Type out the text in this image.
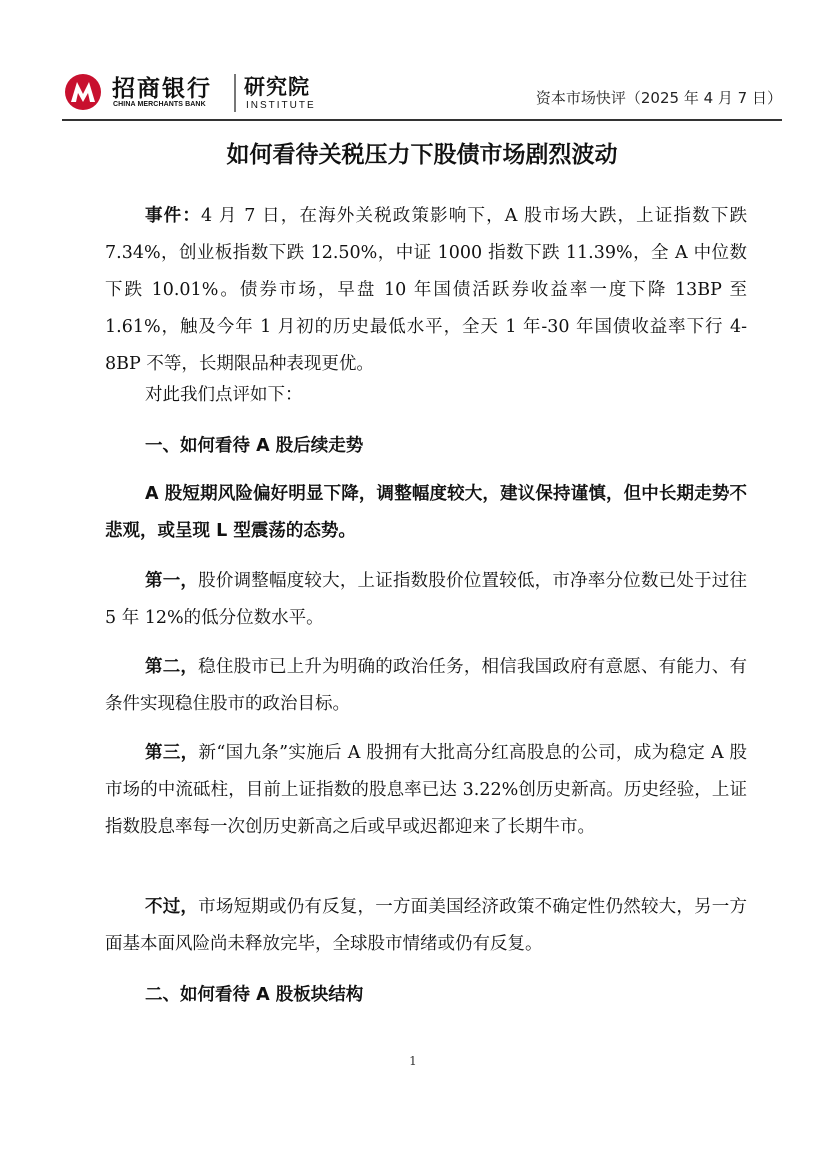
招商银行
CHINA MERCHANTS BANK
研究院
INSTITUTE	资本市场快评（2025 年 4 月 7 日）
如何看待关税压力下股债市场剧烈波动

事件：4 月 7 日，在海外关税政策影响下，A 股市场大跌，上证指数下跌 7.34%，创业板指数下跌 12.50%，中证 1000 指数下跌 11.39%，全 A 中位数下跌 10.01%。债券市场，早盘 10 年国债活跃券收益率一度下降 13BP 至 1.61%，触及今年 1 月初的历史最低水平，全天 1 年-30 年国债收益率下行 4-8BP 不等，长期限品种表现更优。

对此我们点评如下：

一、如何看待 A 股后续走势

A 股短期风险偏好明显下降，调整幅度较大，建议保持谨慎，但中长期走势不悲观，或呈现 L 型震荡的态势。

第一，股价调整幅度较大，上证指数股价位置较低，市净率分位数已处于过往 5 年 12%的低分位数水平。

第二，稳住股市已上升为明确的政治任务，相信我国政府有意愿、有能力、有条件实现稳住股市的政治目标。

第三，新“国九条”实施后 A 股拥有大批高分红高股息的公司，成为稳定 A 股市场的中流砥柱，目前上证指数的股息率已达 3.22%创历史新高。历史经验，上证指数股息率每一次创历史新高之后或早或迟都迎来了长期牛市。

不过，市场短期或仍有反复，一方面美国经济政策不确定性仍然较大，另一方面基本面风险尚未释放完毕，全球股市情绪或仍有反复。

二、如何看待 A 股板块结构

1
